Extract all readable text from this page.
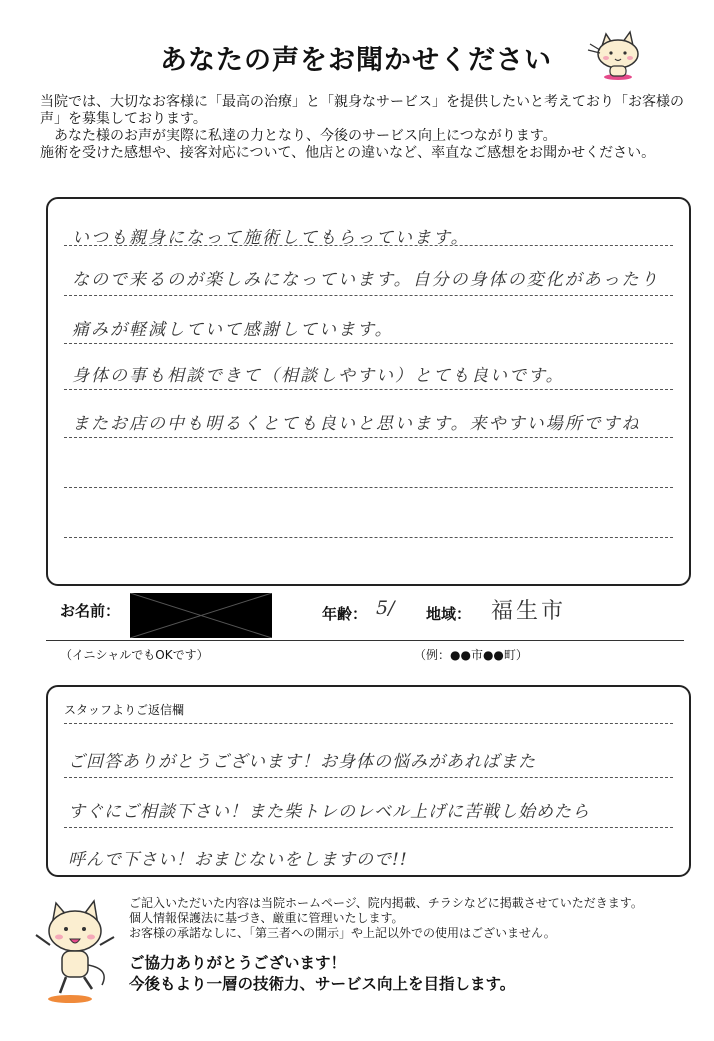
あなたの声をお聞かせください

当院では、大切なお客様に「最高の治療」と「親身なサービス」を提供したいと考えており「お客様の声」を募集しております。

　あなた様のお声が実際に私達の力となり、今後のサービス向上につながります。

施術を受けた感想や、接客対応について、他店との違いなど、率直なご感想をお聞かせください。

いつも親身になって施術してもらっています。
なので来るのが楽しみになっています。自分の身体の変化があったり
痛みが軽減していて感謝しています。
身体の事も相談できて（相談しやすい）とても良いです。
またお店の中も明るくとても良いと思います。来やすい場所ですね
お名前：	年齢： 5/ 地域： 福生市
（イニシャルでもOKです）	（例：●●市●●町）
スタッフよりご返信欄
ご回答ありがとうございます！お身体の悩みがあればまた
すぐにご相談下さい！また柴トレのレベル上げに苦戦し始めたら
呼んで下さい！おまじないをしますので!!

ご記入いただいた内容は当院ホームページ、院内掲載、チラシなどに掲載させていただきます。

個人情報保護法に基づき、厳重に管理いたします。

お客様の承諾なしに、「第三者への開示」や上記以外での使用はございません。

ご協力ありがとうございます！

今後もより一層の技術力、サービス向上を目指します。
